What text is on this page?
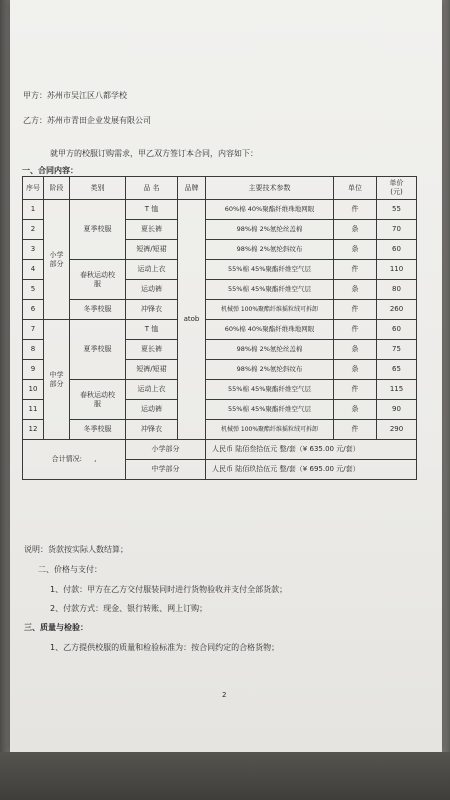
甲方：苏州市吴江区八都学校
乙方：苏州市青田企业发展有限公司
就甲方的校服订购需求，甲乙双方签订本合同，内容如下：
一、合同内容：
序号	阶段	类别	品 名	品牌	主要技术参数	单位	单价
(元)
1	小学
部分	夏季校服	T 恤	atob	60%棉 40%聚酯纤维珠地网眼	件	55
2			夏长裤		98%棉 2%氨纶丝盖棉	条	70
3			短裤/短裙		98%棉 2%氨纶斜纹布	条	60
4		春秋运动校
服	运动上衣		55%棉 45%聚酯纤维空气层	件	110
5			运动裤		55%棉 45%聚酯纤维空气层	条	80
6		冬季校服	冲锋衣		机械弹 100%聚酯纤维摇粒绒可拆卸	件	260
7	中学
部分	夏季校服	T 恤		60%棉 40%聚酯纤维珠地网眼	件	60
8			夏长裤		98%棉 2%氨纶丝盖棉	条	75
9			短裤/短裙		98%棉 2%氨纶斜纹布	条	65
10		春秋运动校
服	运动上衣		55%棉 45%聚酯纤维空气层	件	115
11			运动裤		55%棉 45%聚酯纤维空气层	条	90
12		冬季校服	冲锋衣		机械弹 100%聚酯纤维摇粒绒可拆卸	件	290
合计情况: ,			小学部分		人民币 陆佰叁拾伍元 整/套（¥ 635.00 元/套）		
			中学部分		人民币 陆佰玖拾伍元 整/套（¥ 695.00 元/套）		
说明：货款按实际人数结算；
二、价格与支付：
1、付款：甲方在乙方交付服装同时进行货物验收并支付全部货款；
2、付款方式：现金、银行转账、网上订购；
三、质量与检验：
1、乙方提供校服的质量和检验标准为：按合同约定的合格货物；
2
